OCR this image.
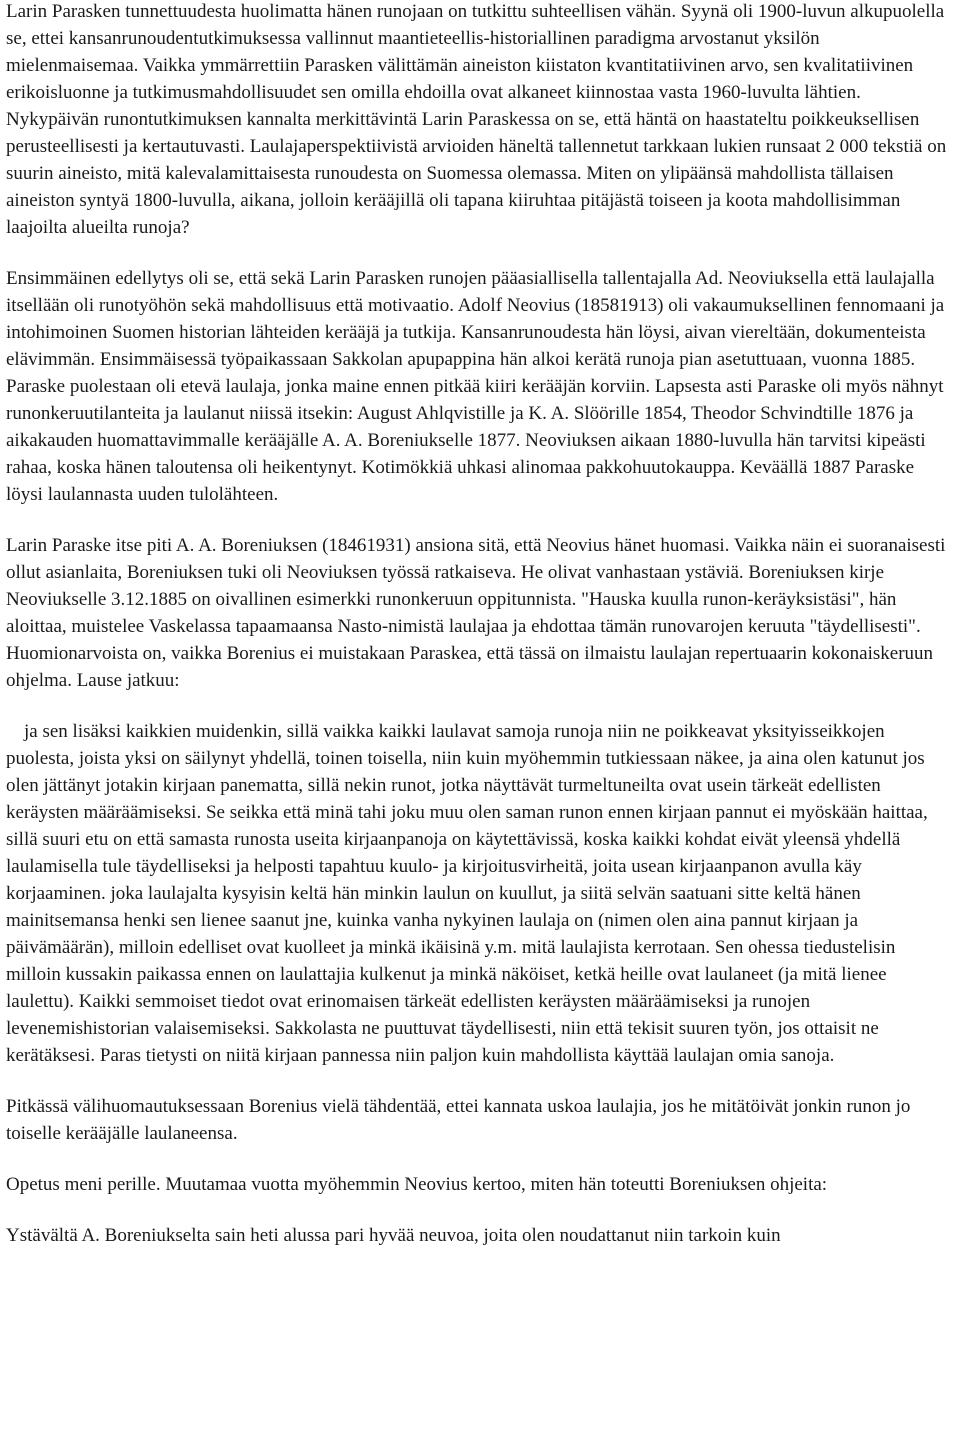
Larin Parasken tunnettuudesta huolimatta hänen runojaan on tutkittu suhteellisen vähän. Syynä oli 1900-luvun alkupuolella se, ettei kansanrunoudentutkimuksessa vallinnut maantieteellis-historiallinen paradigma arvostanut yksilön mielenmaisemaa. Vaikka ymmärrettiin Parasken välittämän aineiston kiistaton kvantitatiivinen arvo, sen kvalitatiivinen erikoisluonne ja tutkimusmahdollisuudet sen omilla ehdoilla ovat alkaneet kiinnostaa vasta 1960-luvulta lähtien. Nykypäivän runontutkimuksen kannalta merkittävintä Larin Paraskessa on se, että häntä on haastateltu poikkeuksellisen perusteellisesti ja kertautuvasti. Laulajaperspektiivistä arvioiden häneltä tallennetut tarkkaan lukien runsaat 2 000 tekstiä on suurin aineisto, mitä kalevalamittaisesta runoudesta on Suomessa olemassa. Miten on ylipäänsä mahdollista tällaisen aineiston syntyä 1800-luvulla, aikana, jolloin kerääjillä oli tapana kiiruhtaa pitäjästä toiseen ja koota mahdollisimman laajoilta alueilta runoja?

Ensimmäinen edellytys oli se, että sekä Larin Parasken runojen pääasiallisella tallentajalla Ad. Neoviuksella että laulajalla itsellään oli runotyöhön sekä mahdollisuus että motivaatio. Adolf Neovius (18581913) oli vakaumuksellinen fennomaani ja intohimoinen Suomen historian lähteiden kerääjä ja tutkija. Kansanrunoudesta hän löysi, aivan viereltään, dokumenteista elävimmän. Ensimmäisessä työpaikassaan Sakkolan apupappina hän alkoi kerätä runoja pian asetuttuaan, vuonna 1885. Paraske puolestaan oli etevä laulaja, jonka maine ennen pitkää kiiri kerääjän korviin. Lapsesta asti Paraske oli myös nähnyt runonkeruutilanteita ja laulanut niissä itsekin: August Ahlqvistille ja K. A. Slöörille 1854, Theodor Schvindtille 1876 ja aikakauden huomattavimmalle kerääjälle A. A. Boreniukselle 1877. Neoviuksen aikaan 1880-luvulla hän tarvitsi kipeästi rahaa, koska hänen taloutensa oli heikentynyt. Kotimökkiä uhkasi alinomaa pakkohuutokauppa. Keväällä 1887 Paraske löysi laulannasta uuden tulolähteen.

Larin Paraske itse piti A. A. Boreniuksen (18461931) ansiona sitä, että Neovius hänet huomasi. Vaikka näin ei suoranaisesti ollut asianlaita, Boreniuksen tuki oli Neoviuksen työssä ratkaiseva. He olivat vanhastaan ystäviä. Boreniuksen kirje Neoviukselle 3.12.1885 on oivallinen esimerkki runonkeruun oppitunnista. "Hauska kuulla runon-keräyksistäsi", hän aloittaa, muistelee Vaskelassa tapaamaansa Nasto-nimistä laulajaa ja ehdottaa tämän runovarojen keruuta "täydellisesti". Huomionarvoista on, vaikka Borenius ei muistakaan Paraskea, että tässä on ilmaistu laulajan repertuaarin kokonaiskeruun ohjelma. Lause jatkuu:

ja sen lisäksi kaikkien muidenkin, sillä vaikka kaikki laulavat samoja runoja niin ne poikkeavat yksityisseikkojen puolesta, joista yksi on säilynyt yhdellä, toinen toisella, niin kuin myöhemmin tutkiessaan näkee, ja aina olen katunut jos olen jättänyt jotakin kirjaan panematta, sillä nekin runot, jotka näyttävät turmeltuneilta ovat usein tärkeät edellisten keräysten määräämiseksi. Se seikka että minä tahi joku muu olen saman runon ennen kirjaan pannut ei myöskään haittaa, sillä suuri etu on että samasta runosta useita kirjaanpanoja on käytettävissä, koska kaikki kohdat eivät yleensä yhdellä laulamisella tule täydelliseksi ja helposti tapahtuu kuulo- ja kirjoitusvirheitä, joita usean kirjaanpanon avulla käy korjaaminen. joka laulajalta kysyisin keltä hän minkin laulun on kuullut, ja siitä selvän saatuani sitte keltä hänen mainitsemansa henki sen lienee saanut jne, kuinka vanha nykyinen laulaja on (nimen olen aina pannut kirjaan ja päivämäärän), milloin edelliset ovat kuolleet ja minkä ikäisinä y.m. mitä laulajista kerrotaan. Sen ohessa tiedustelisin milloin kussakin paikassa ennen on laulattajia kulkenut ja minkä näköiset, ketkä heille ovat laulaneet (ja mitä lienee laulettu). Kaikki semmoiset tiedot ovat erinomaisen tärkeät edellisten keräysten määräämiseksi ja runojen levenemishistorian valaisemiseksi. Sakkolasta ne puuttuvat täydellisesti, niin että tekisit suuren työn, jos ottaisit ne kerätäksesi. Paras tietysti on niitä kirjaan pannessa niin paljon kuin mahdollista käyttää laulajan omia sanoja.

Pitkässä välihuomautuksessaan Borenius vielä tähdentää, ettei kannata uskoa laulajia, jos he mitätöivät jonkin runon jo toiselle kerääjälle laulaneensa.

Opetus meni perille. Muutamaa vuotta myöhemmin Neovius kertoo, miten hän toteutti Boreniuksen ohjeita:

Ystävältä A. Boreniukselta sain heti alussa pari hyvää neuvoa, joita olen noudattanut niin tarkoin kuin
